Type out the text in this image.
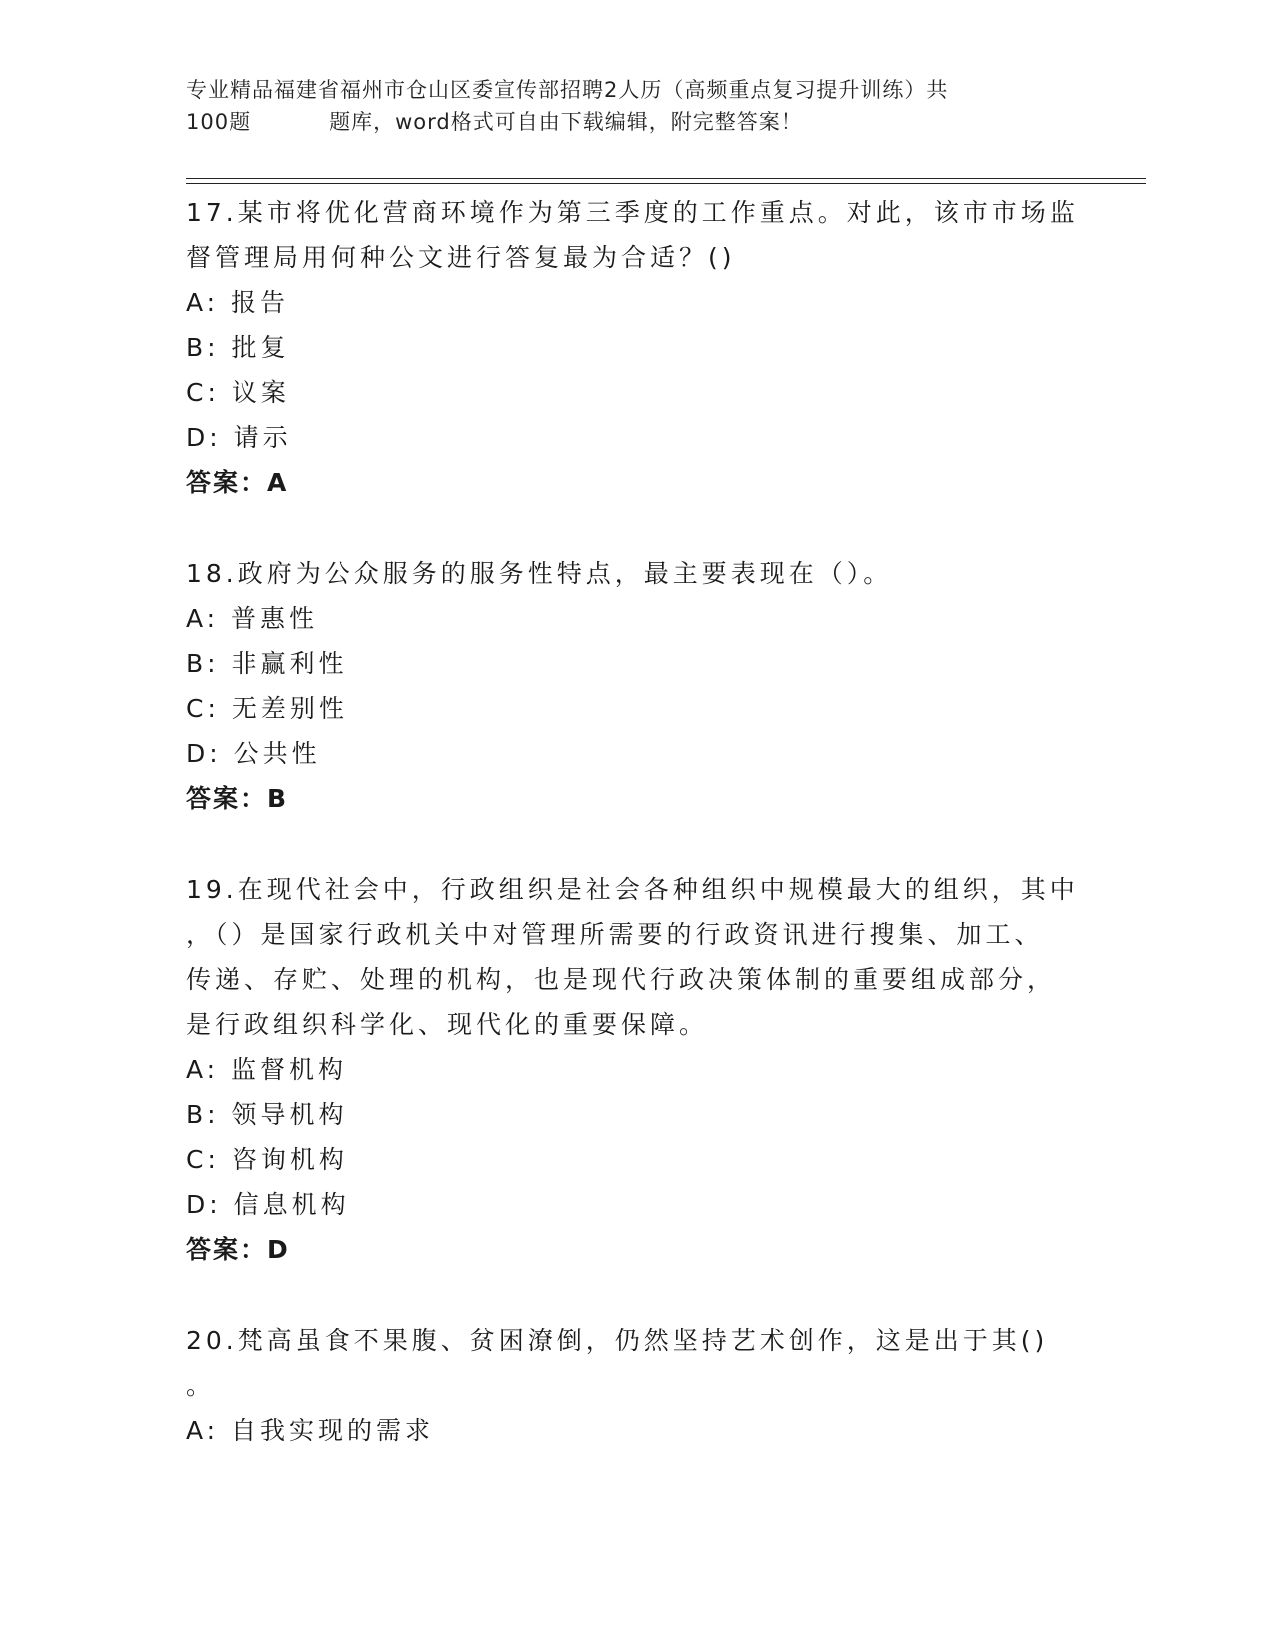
专业精品福建省福州市仓山区委宣传部招聘2人历（高频重点复习提升训练）共
100题	题库，word格式可自由下载编辑，附完整答案！

17.某市将优化营商环境作为第三季度的工作重点。对此，该市市场监

督管理局用何种公文进行答复最为合适？()

A: 报告

B: 批复

C: 议案

D: 请示

答案：A

18.政府为公众服务的服务性特点，最主要表现在（）。

A: 普惠性

B: 非赢利性

C: 无差别性

D: 公共性

答案：B

19.在现代社会中，行政组织是社会各种组织中规模最大的组织，其中

，（）是国家行政机关中对管理所需要的行政资讯进行搜集、加工、

传递、存贮、处理的机构，也是现代行政决策体制的重要组成部分，

是行政组织科学化、现代化的重要保障。

A: 监督机构

B: 领导机构

C: 咨询机构

D: 信息机构

答案：D

20.梵高虽食不果腹、贫困潦倒，仍然坚持艺术创作，这是出于其()

。

A: 自我实现的需求
